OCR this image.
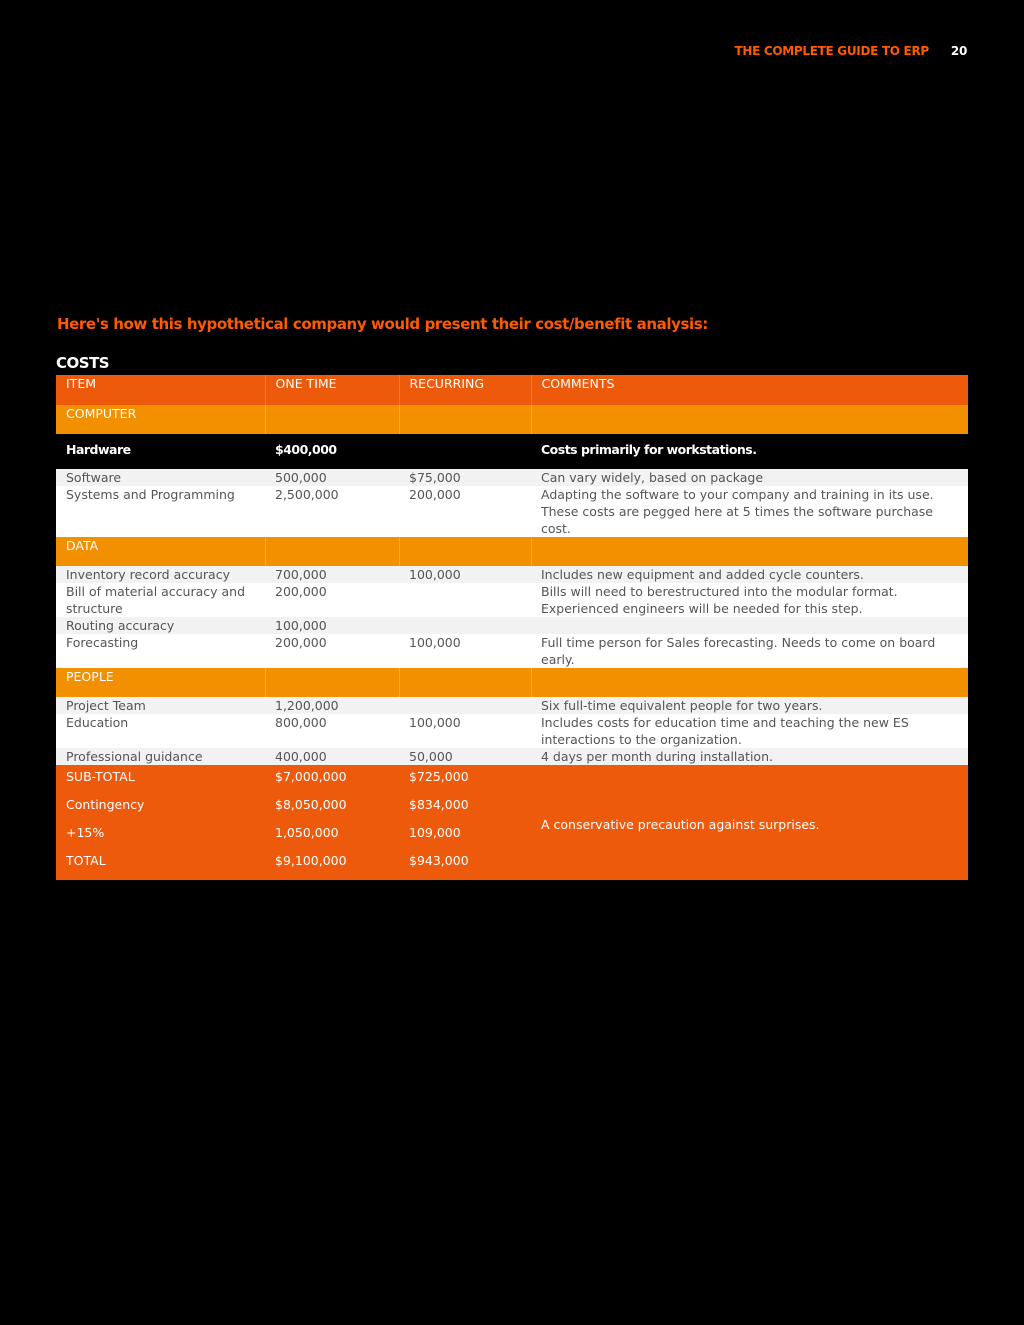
THE COMPLETE GUIDE TO ERP 20
Here's how this hypothetical company would present their cost/benefit analysis:
COSTS
ITEM	ONE TIME	RECURRING	COMMENTS
COMPUTER			
Hardware	$400,000		Costs primarily for workstations.
Software	500,000	$75,000	Can vary widely, based on package
Systems and Programming	2,500,000	200,000	Adapting the software to your company and training in its use. These costs are pegged here at 5 times the software purchase cost.
DATA			
Inventory record accuracy	700,000	100,000	Includes new equipment and added cycle counters.
Bill of material accuracy and structure	200,000		Bills will need to berestructured into the modular format. Experienced engineers will be needed for this step.
Routing accuracy	100,000		
Forecasting	200,000	100,000	Full time person for Sales forecasting. Needs to come on board early.
PEOPLE			
Project Team	1,200,000		Six full-time equivalent people for two years.
Education	800,000	100,000	Includes costs for education time and teaching the new ES interactions to the organization.
Professional guidance	400,000	50,000	4 days per month during installation.
SUB-TOTAL	$7,000,000	$725,000	A conservative precaution against surprises.
Contingency	$8,050,000	$834,000	
+15%	1,050,000	109,000	
TOTAL	$9,100,000	$943,000	
